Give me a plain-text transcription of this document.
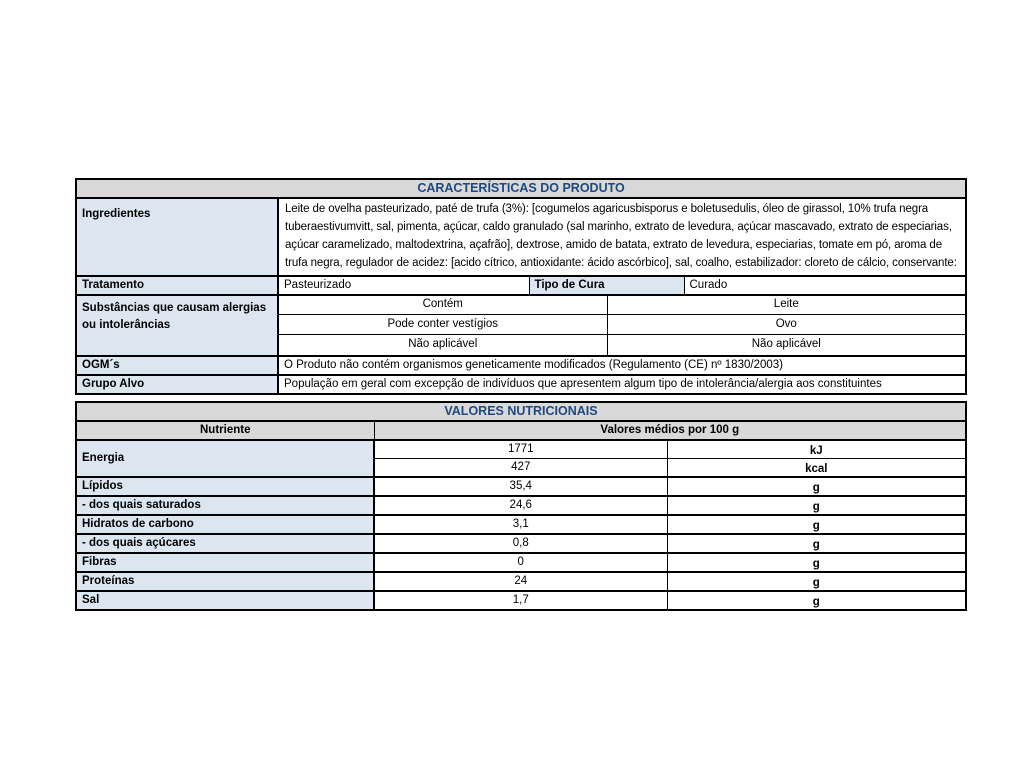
CARACTERÍSTICAS DO PRODUTO				
Ingredientes	Leite de ovelha pasteurizado, paté de trufa (3%): [cogumelos agaricusbisporus e boletusedulis, óleo de girassol, 10% trufa negra tuberaestivumvitt, sal, pimenta, açúcar, caldo granulado (sal marinho, extrato de levedura, açúcar mascavado, extrato de especiarias, açúcar caramelizado, maltodextrina, açafrão], dextrose, amido de batata, extrato de levedura, especiarias, tomate em pó, aroma de trufa negra, regulador de acidez: [acido cítrico, antioxidante: ácido ascórbico], sal, coalho, estabilizador: cloreto de cálcio, conservante:			
Tratamento	Pasteurizado	Tipo de Cura		Curado
Substâncias que causam alergias ou intolerâncias	Contém		Leite	
	Pode conter vestígios		Ovo	
	Não aplicável		Não aplicável	
OGM´s	O Produto não contém organismos geneticamente modificados (Regulamento (CE) nº 1830/2003)			
Grupo Alvo	População em geral com excepção de indivíduos que apresentem algum tipo de intolerância/alergia aos constituintes			
VALORES NUTRICIONAIS		
Nutriente	Valores médios por 100 g	
Energia	1771	kJ
	427	kcal
Lípidos	35,4	g
- dos quais saturados	24,6	g
Hidratos de carbono	3,1	g
- dos quais açúcares	0,8	g
Fibras	0	g
Proteínas	24	g
Sal	1,7	g
